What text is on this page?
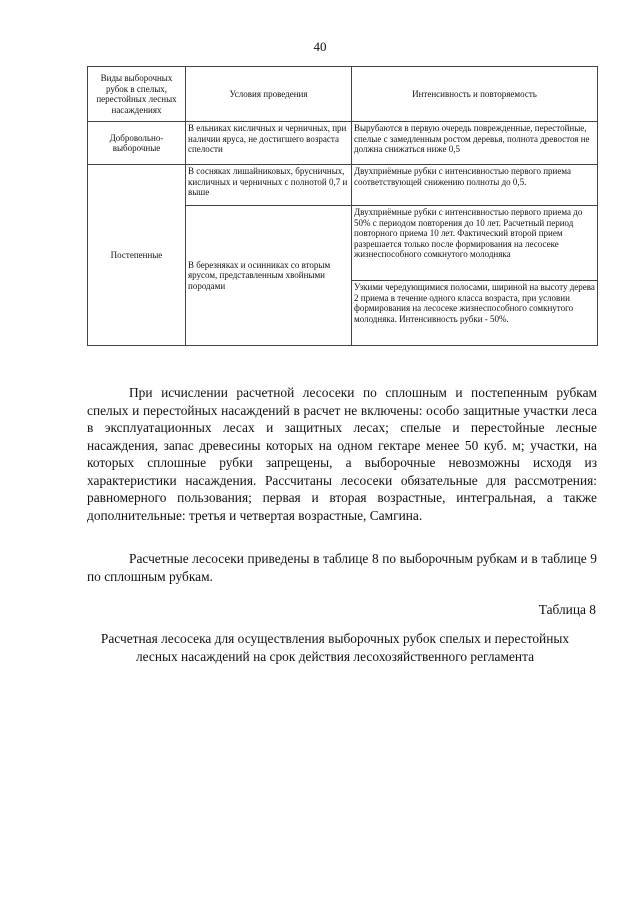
40
Виды выборочных рубок в спелых, перестойных лесных насаждениях	Условия проведения	Интенсивность и повторяемость
Добровольно-выборочные	В ельниках кисличных и черничных, при наличии яруса, не достигшего возраста спелости	Вырубаются в первую очередь поврежденные, перестойные, спелые с замедленным ростом деревья, полнота древостоя не должна снижаться ниже 0,5
Постепенные	В сосняках лишайниковых, брусничных, кисличных и черничных с полнотой 0,7 и выше	Двухприёмные рубки с интенсивностью первого приема соответствующей снижению полноты до 0,5.
	В березняках и осинниках со вторым ярусом, представленным хвойными породами	Двухприёмные рубки с интенсивностью первого приема до 50% с периодом повторения до 10 лет. Расчетный период повторного приема 10 лет. Фактический второй прием разрешается только после формирования на лесосеке жизнеспособного сомкнутого молодняка
		Узкими чередующимися полосами, шириной на высоту дерева 2 приема в течение одного класса возраста, при условии формирования на лесосеке жизнеспособного сомкнутого молодняка. Интенсивность рубки - 50%.

При исчислении расчетной лесосеки по сплошным и постепенным рубкам спелых и перестойных насаждений в расчет не включены: особо защитные участки леса в эксплуатационных лесах и защитных лесах; спелые и перестойные лесные насаждения, запас древесины которых на одном гектаре менее 50 куб. м; участки, на которых сплошные рубки запрещены, а выборочные невозможны исходя из характеристики насаждения. Рассчитаны лесосеки обязательные для рассмотрения: равномерного пользования; первая и вторая возрастные, интегральная, а также дополнительные: третья и четвертая возрастные, Самгина.

Расчетные лесосеки приведены в таблице 8 по выборочным рубкам и в таблице 9 по сплошным рубкам.

Таблица 8
Расчетная лесосека для осуществления выборочных рубок спелых и перестойных лесных насаждений на срок действия лесохозяйственного регламента
